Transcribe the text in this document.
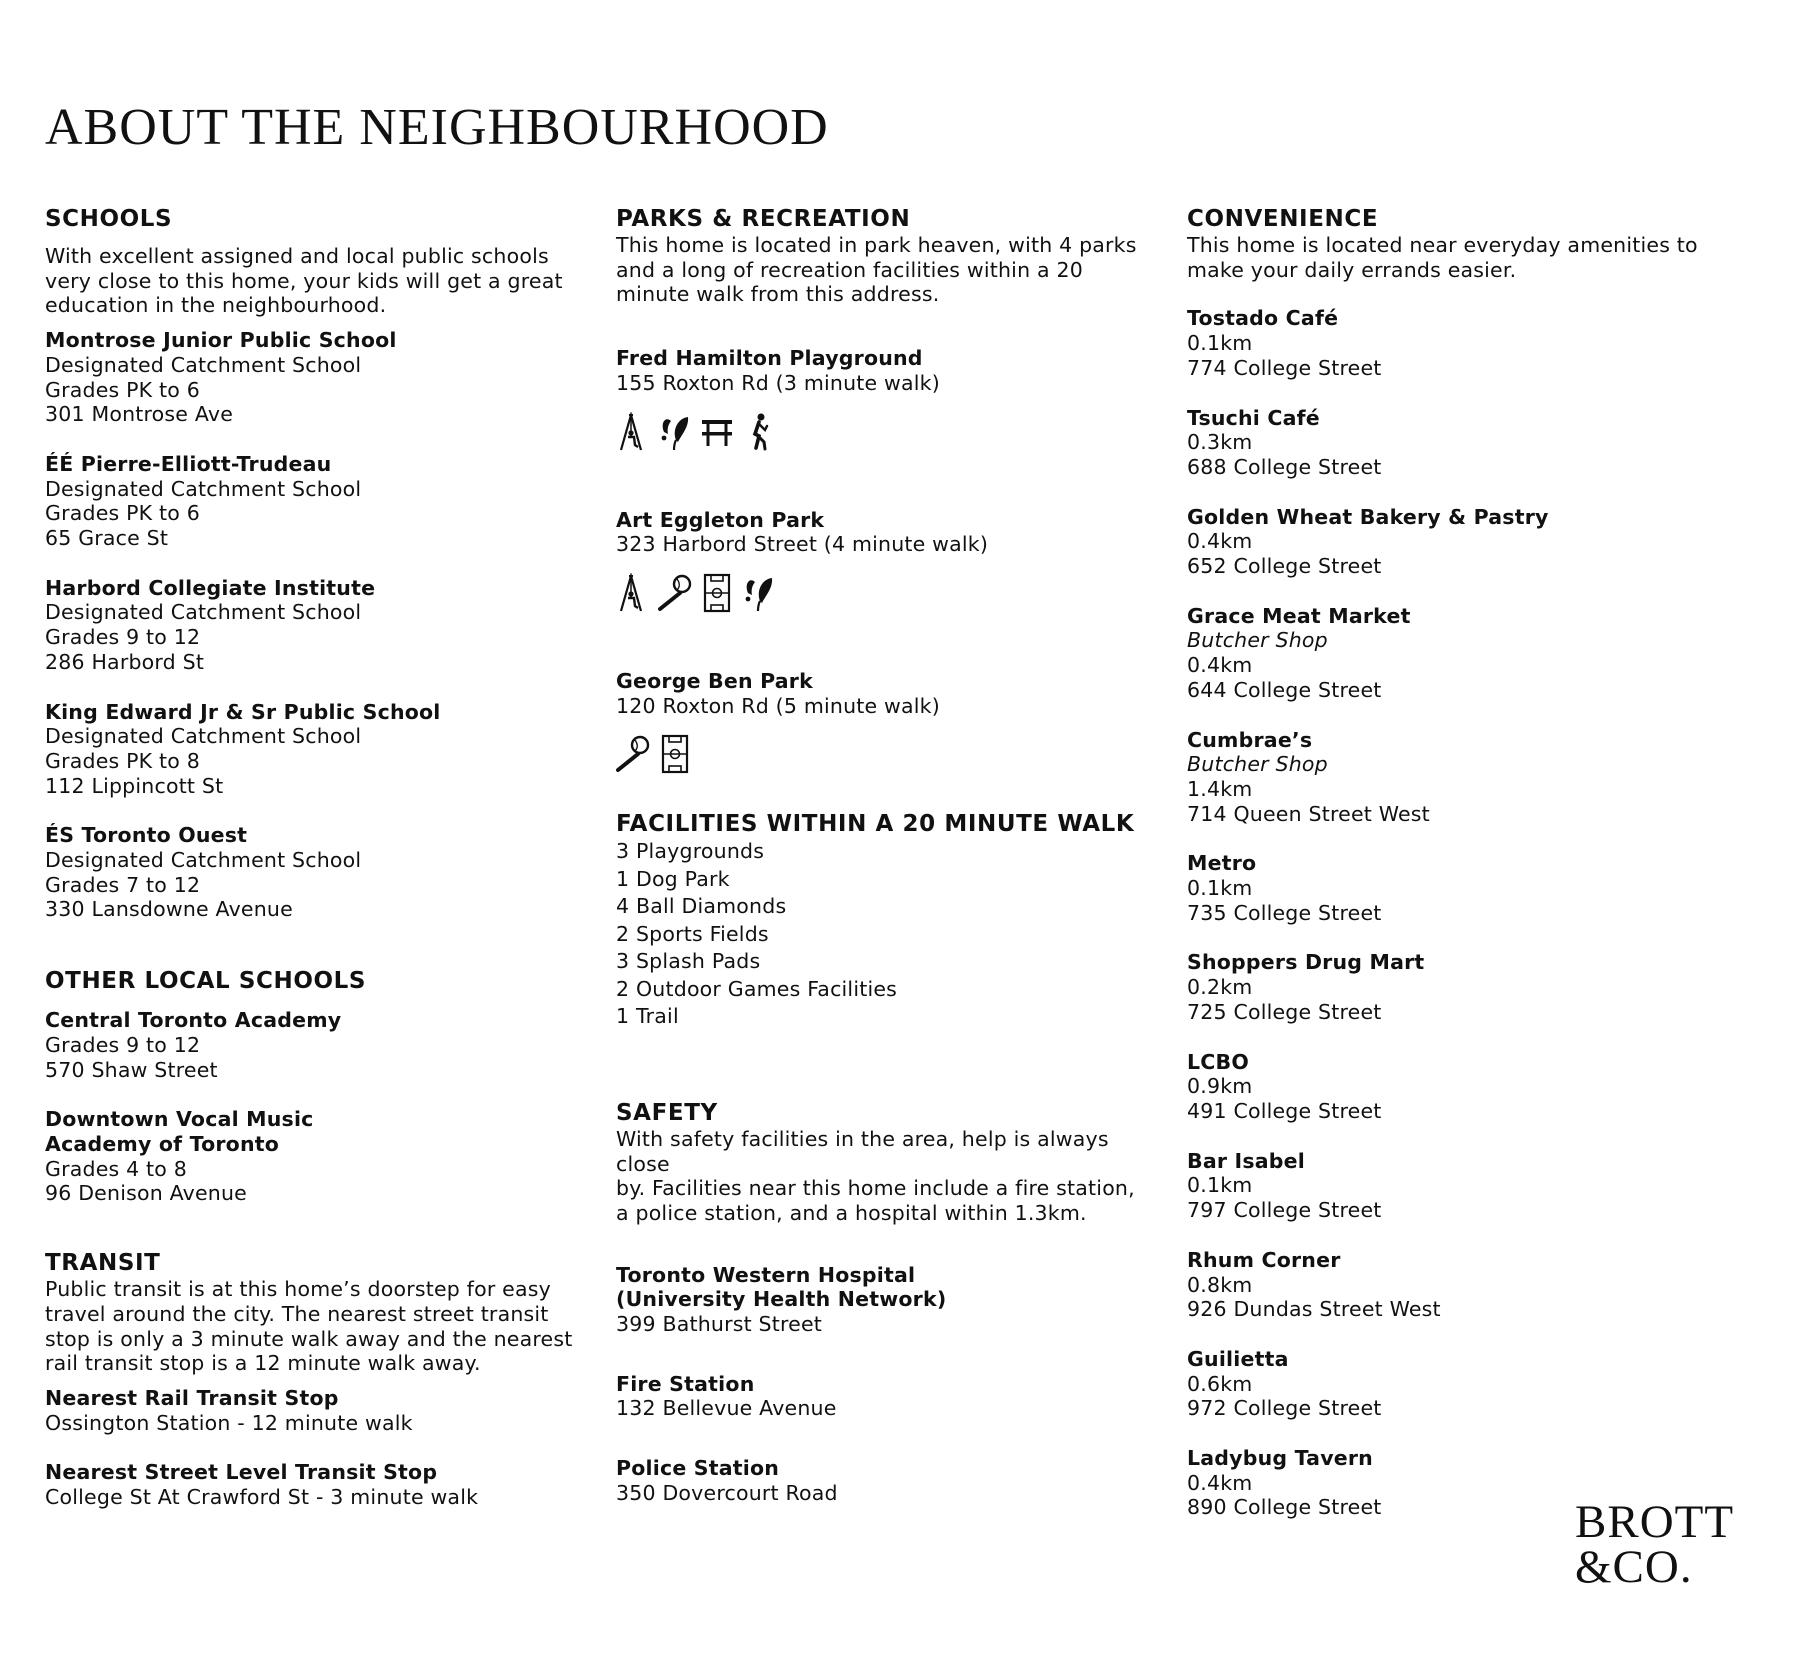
ABOUT THE NEIGHBOURHOOD
SCHOOLS
With excellent assigned and local public schools
very close to this home, your kids will get a great
education in the neighbourhood.
Montrose Junior Public School
Designated Catchment School
Grades PK to 6
301 Montrose Ave
ÉÉ Pierre-Elliott-Trudeau
Designated Catchment School
Grades PK to 6
65 Grace St
Harbord Collegiate Institute
Designated Catchment School
Grades 9 to 12
286 Harbord St
King Edward Jr & Sr Public School
Designated Catchment School
Grades PK to 8
112 Lippincott St
ÉS Toronto Ouest
Designated Catchment School
Grades 7 to 12
330 Lansdowne Avenue
OTHER LOCAL SCHOOLS
Central Toronto Academy
Grades 9 to 12
570 Shaw Street
Downtown Vocal Music
Academy of Toronto
Grades 4 to 8
96 Denison Avenue
TRANSIT
Public transit is at this home’s doorstep for easy
travel around the city. The nearest street transit
stop is only a 3 minute walk away and the nearest
rail transit stop is a 12 minute walk away.
Nearest Rail Transit Stop
Ossington Station - 12 minute walk
Nearest Street Level Transit Stop
College St At Crawford St - 3 minute walk
PARKS & RECREATION
This home is located in park heaven, with 4 parks
and a long of recreation facilities within a 20
minute walk from this address.
Fred Hamilton Playground
155 Roxton Rd (3 minute walk)
Art Eggleton Park
323 Harbord Street (4 minute walk)
George Ben Park
120 Roxton Rd (5 minute walk)
FACILITIES WITHIN A 20 MINUTE WALK
3 Playgrounds
1 Dog Park
4 Ball Diamonds
2 Sports Fields
3 Splash Pads
2 Outdoor Games Facilities
1 Trail
SAFETY
With safety facilities in the area, help is always close
by. Facilities near this home include a fire station,
a police station, and a hospital within 1.3km.
Toronto Western Hospital
(University Health Network)
399 Bathurst Street
Fire Station
132 Bellevue Avenue
Police Station
350 Dovercourt Road
CONVENIENCE
This home is located near everyday amenities to
make your daily errands easier.
Tostado Café
0.1km
774 College Street
Tsuchi Café
0.3km
688 College Street
Golden Wheat Bakery & Pastry
0.4km
652 College Street
Grace Meat Market
Butcher Shop
0.4km
644 College Street
Cumbrae’s
Butcher Shop
1.4km
714 Queen Street West
Metro
0.1km
735 College Street
Shoppers Drug Mart
0.2km
725 College Street
LCBO
0.9km
491 College Street
Bar Isabel
0.1km
797 College Street
Rhum Corner
0.8km
926 Dundas Street West
Guilietta
0.6km
972 College Street
Ladybug Tavern
0.4km
890 College Street	BROTT
&CO.
